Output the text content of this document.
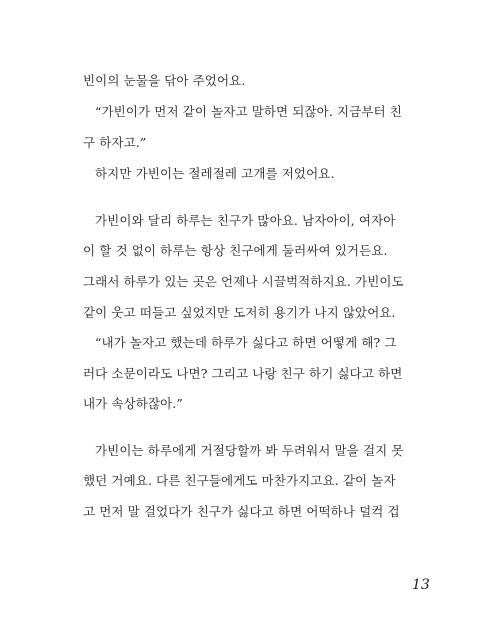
빈이의 눈물을 닦아 주었어요.
“가빈이가 먼저 같이 놀자고 말하면 되잖아. 지금부터 친
구 하자고.”
하지만 가빈이는 절레절레 고개를 저었어요.
가빈이와 달리 하루는 친구가 많아요. 남자아이, 여자아
이 할 것 없이 하루는 항상 친구에게 둘러싸여 있거든요.
그래서 하루가 있는 곳은 언제나 시끌벅적하지요. 가빈이도
같이 웃고 떠들고 싶었지만 도저히 용기가 나지 않았어요.
“내가 놀자고 했는데 하루가 싫다고 하면 어떻게 해? 그
러다 소문이라도 나면? 그리고 나랑 친구 하기 싫다고 하면
내가 속상하잖아.”
가빈이는 하루에게 거절당할까 봐 두려워서 말을 걸지 못
했던 거예요. 다른 친구들에게도 마찬가지고요. 같이 놀자
고 먼저 말 걸었다가 친구가 싫다고 하면 어떡하나 덜컥 겁
13
